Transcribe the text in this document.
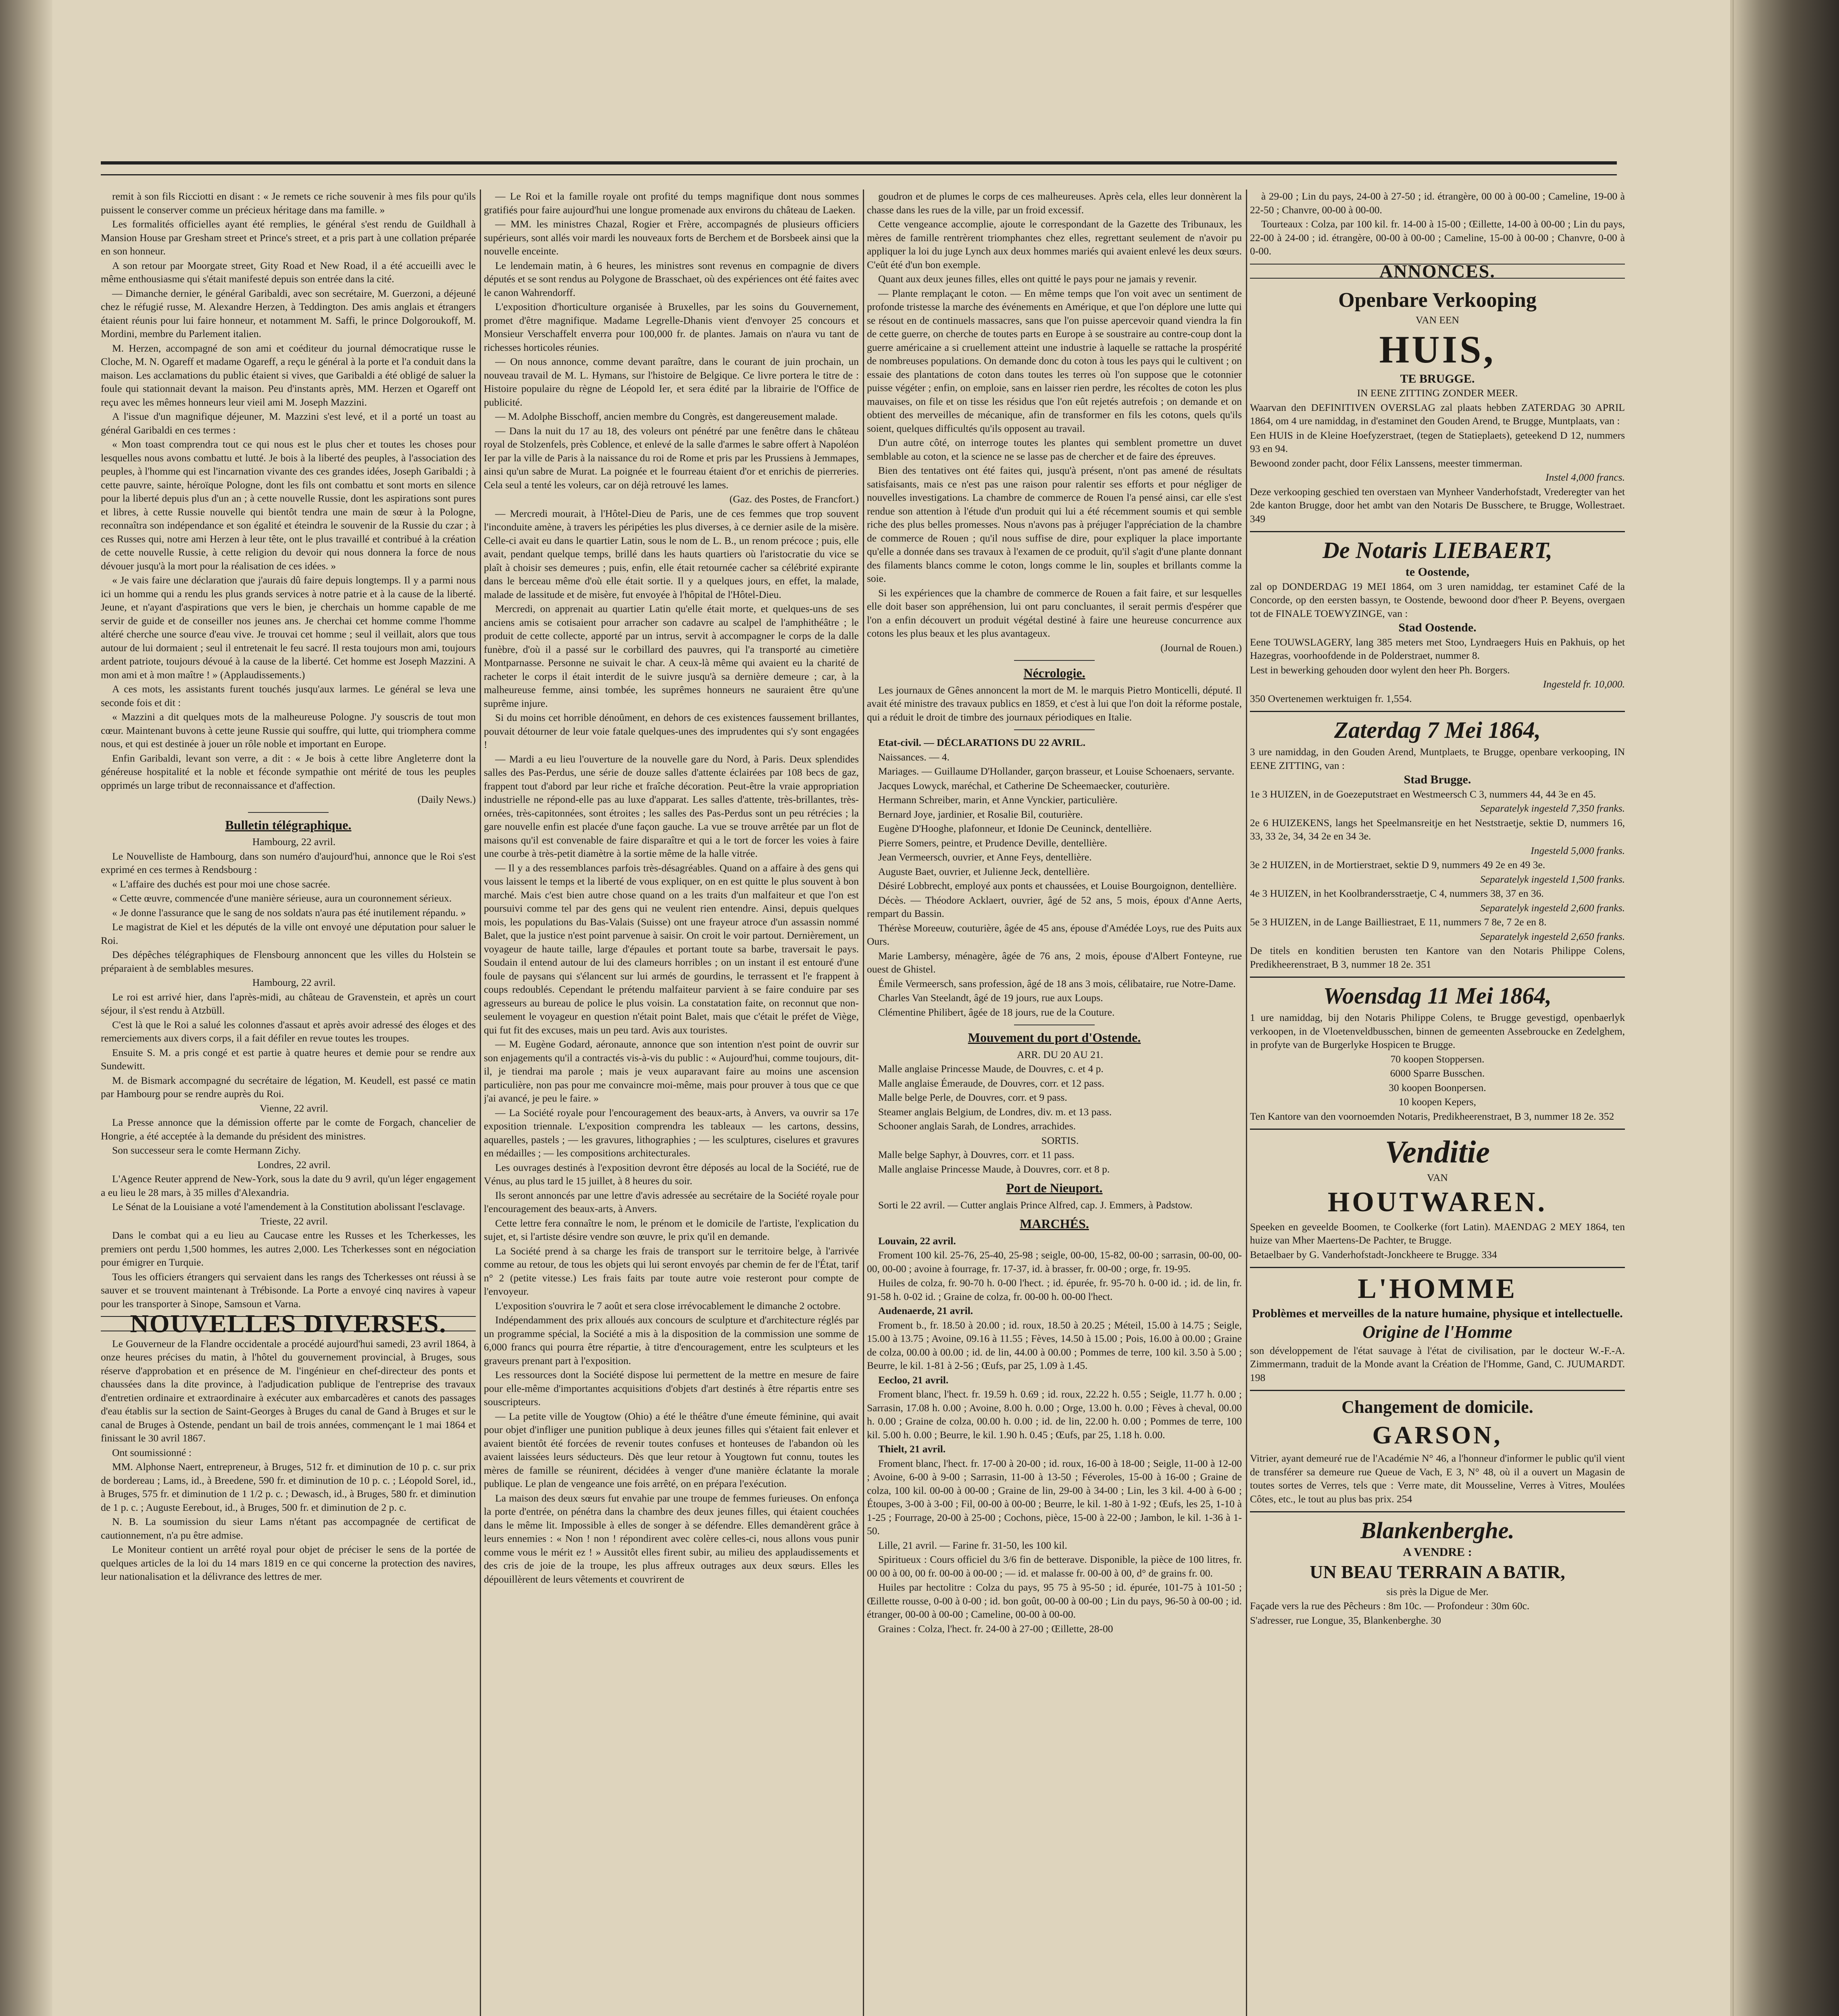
remit à son fils Ricciotti en disant : « Je remets ce riche souvenir à mes fils pour qu'ils puissent le conserver comme un précieux héritage dans ma famille. »

Les formalités officielles ayant été remplies, le général s'est rendu de Guildhall à Mansion House par Gresham street et Prince's street, et a pris part à une collation préparée en son honneur.

A son retour par Moorgate street, Gity Road et New Road, il a été accueilli avec le même enthousiasme qui s'était manifesté depuis son entrée dans la cité.

— Dimanche dernier, le général Garibaldi, avec son secrétaire, M. Guerzoni, a déjeuné chez le réfugié russe, M. Alexandre Herzen, à Teddington. Des amis anglais et étrangers étaient réunis pour lui faire honneur, et notamment M. Saffi, le prince Dolgoroukoff, M. Mordini, membre du Parlement italien.

M. Herzen, accompagné de son ami et coéditeur du journal démocratique russe le Cloche, M. N. Ogareff et madame Ogareff, a reçu le général à la porte et l'a conduit dans la maison. Les acclamations du public étaient si vives, que Garibaldi a été obligé de saluer la foule qui stationnait devant la maison. Peu d'instants après, MM. Herzen et Ogareff ont reçu avec les mêmes honneurs leur vieil ami M. Joseph Mazzini.

A l'issue d'un magnifique déjeuner, M. Mazzini s'est levé, et il a porté un toast au général Garibaldi en ces termes :

« Mon toast comprendra tout ce qui nous est le plus cher et toutes les choses pour lesquelles nous avons combattu et lutté. Je bois à la liberté des peuples, à l'association des peuples, à l'homme qui est l'incarnation vivante des ces grandes idées, Joseph Garibaldi ; à cette pauvre, sainte, héroïque Pologne, dont les fils ont combattu et sont morts en silence pour la liberté depuis plus d'un an ; à cette nouvelle Russie, dont les aspirations sont pures et libres, à cette Russie nouvelle qui bientôt tendra une main de sœur à la Pologne, reconnaîtra son indépendance et son égalité et éteindra le souvenir de la Russie du czar ; à ces Russes qui, notre ami Herzen à leur tête, ont le plus travaillé et contribué à la création de cette nouvelle Russie, à cette religion du devoir qui nous donnera la force de nous dévouer jusqu'à la mort pour la réalisation de ces idées. »

« Je vais faire une déclaration que j'aurais dû faire depuis longtemps. Il y a parmi nous ici un homme qui a rendu les plus grands services à notre patrie et à la cause de la liberté. Jeune, et n'ayant d'aspirations que vers le bien, je cherchais un homme capable de me servir de guide et de conseiller nos jeunes ans. Je cherchai cet homme comme l'homme altéré cherche une source d'eau vive. Je trouvai cet homme ; seul il veillait, alors que tous autour de lui dormaient ; seul il entretenait le feu sacré. Il resta toujours mon ami, toujours ardent patriote, toujours dévoué à la cause de la liberté. Cet homme est Joseph Mazzini. A mon ami et à mon maître ! » (Applaudissements.)

A ces mots, les assistants furent touchés jusqu'aux larmes. Le général se leva une seconde fois et dit :

« Mazzini a dit quelques mots de la malheureuse Pologne. J'y souscris de tout mon cœur. Maintenant buvons à cette jeune Russie qui souffre, qui lutte, qui triomphera comme nous, et qui est destinée à jouer un rôle noble et important en Europe.

Enfin Garibaldi, levant son verre, a dit : « Je bois à cette libre Angleterre dont la généreuse hospitalité et la noble et féconde sympathie ont mérité de tous les peuples opprimés un large tribut de reconnaissance et d'affection.

(Daily News.)

Bulletin télégraphique.

Hambourg, 22 avril.

Le Nouvelliste de Hambourg, dans son numéro d'aujourd'hui, annonce que le Roi s'est exprimé en ces termes à Rendsbourg :

« L'affaire des duchés est pour moi une chose sacrée.

« Cette œuvre, commencée d'une manière sérieuse, aura un couronnement sérieux.

« Je donne l'assurance que le sang de nos soldats n'aura pas été inutilement répandu. »

Le magistrat de Kiel et les députés de la ville ont envoyé une députation pour saluer le Roi.

Des dépêches télégraphiques de Flensbourg annoncent que les villes du Holstein se préparaient à de semblables mesures.

Hambourg, 22 avril.

Le roi est arrivé hier, dans l'après-midi, au château de Gravenstein, et après un court séjour, il s'est rendu à Atzbüll.

C'est là que le Roi a salué les colonnes d'assaut et après avoir adressé des éloges et des remerciements aux divers corps, il a fait défiler en revue toutes les troupes.

Ensuite S. M. a pris congé et est partie à quatre heures et demie pour se rendre aux Sundewitt.

M. de Bismark accompagné du secrétaire de légation, M. Keudell, est passé ce matin par Hambourg pour se rendre auprès du Roi.

Vienne, 22 avril.

La Presse annonce que la démission offerte par le comte de Forgach, chancelier de Hongrie, a été acceptée à la demande du président des ministres.

Son successeur sera le comte Hermann Zichy.

Londres, 22 avril.

L'Agence Reuter apprend de New-York, sous la date du 9 avril, qu'un léger engagement a eu lieu le 28 mars, à 35 milles d'Alexandria.

Le Sénat de la Louisiane a voté l'amendement à la Constitution abolissant l'esclavage.

Trieste, 22 avril.

Dans le combat qui a eu lieu au Caucase entre les Russes et les Tcherkesses, les premiers ont perdu 1,500 hommes, les autres 2,000. Les Tcherkesses sont en négociation pour émigrer en Turquie.

Tous les officiers étrangers qui servaient dans les rangs des Tcherkesses ont réussi à se sauver et se trouvent maintenant à Trébisonde. La Porte a envoyé cinq navires à vapeur pour les transporter à Sinope, Samsoun et Varna.

NOUVELLES DIVERSES.

Le Gouverneur de la Flandre occidentale a procédé aujourd'hui samedi, 23 avril 1864, à onze heures précises du matin, à l'hôtel du gouvernement provincial, à Bruges, sous réserve d'approbation et en présence de M. l'ingénieur en chef-directeur des ponts et chaussées dans la dite province, à l'adjudication publique de l'entreprise des travaux d'entretien ordinaire et extraordinaire à exécuter aux embarcadères et canots des passages d'eau établis sur la section de Saint-Georges à Bruges du canal de Gand à Bruges et sur le canal de Bruges à Ostende, pendant un bail de trois années, commençant le 1 mai 1864 et finissant le 30 avril 1867.

Ont soumissionné :

MM. Alphonse Naert, entrepreneur, à Bruges, 512 fr. et diminution de 10 p. c. sur prix de bordereau ; Lams, id., à Breedene, 590 fr. et diminution de 10 p. c. ; Léopold Sorel, id., à Bruges, 575 fr. et diminution de 1 1/2 p. c. ; Dewasch, id., à Bruges, 580 fr. et diminution de 1 p. c. ; Auguste Eerebout, id., à Bruges, 500 fr. et diminution de 2 p. c.

N. B. La soumission du sieur Lams n'étant pas accompagnée de certificat de cautionnement, n'a pu être admise.

Le Moniteur contient un arrêté royal pour objet de préciser le sens de la portée de quelques articles de la loi du 14 mars 1819 en ce qui concerne la protection des navires, leur nationalisation et la délivrance des lettres de mer.

— Le Roi et la famille royale ont profité du temps magnifique dont nous sommes gratifiés pour faire aujourd'hui une longue promenade aux environs du château de Laeken.

— MM. les ministres Chazal, Rogier et Frère, accompagnés de plusieurs officiers supérieurs, sont allés voir mardi les nouveaux forts de Berchem et de Borsbeek ainsi que la nouvelle enceinte.

Le lendemain matin, à 6 heures, les ministres sont revenus en compagnie de divers députés et se sont rendus au Polygone de Brasschaet, où des expériences ont été faites avec le canon Wahrendorff.

L'exposition d'horticulture organisée à Bruxelles, par les soins du Gouvernement, promet d'être magnifique. Madame Legrelle-Dhanis vient d'envoyer 25 concours et Monsieur Verschaffelt enverra pour 100,000 fr. de plantes. Jamais on n'aura vu tant de richesses horticoles réunies.

— On nous annonce, comme devant paraître, dans le courant de juin prochain, un nouveau travail de M. L. Hymans, sur l'histoire de Belgique. Ce livre portera le titre de : Histoire populaire du règne de Léopold Ier, et sera édité par la librairie de l'Office de publicité.

— M. Adolphe Bisschoff, ancien membre du Congrès, est dangereusement malade.

— Dans la nuit du 17 au 18, des voleurs ont pénétré par une fenêtre dans le château royal de Stolzenfels, près Coblence, et enlevé de la salle d'armes le sabre offert à Napoléon Ier par la ville de Paris à la naissance du roi de Rome et pris par les Prussiens à Jemmapes, ainsi qu'un sabre de Murat. La poignée et le fourreau étaient d'or et enrichis de pierreries. Cela seul a tenté les voleurs, car on déjà retrouvé les lames.

(Gaz. des Postes, de Francfort.)

— Mercredi mourait, à l'Hôtel-Dieu de Paris, une de ces femmes que trop souvent l'inconduite amène, à travers les péripéties les plus diverses, à ce dernier asile de la misère. Celle-ci avait eu dans le quartier Latin, sous le nom de L. B., un renom précoce ; puis, elle avait, pendant quelque temps, brillé dans les hauts quartiers où l'aristocratie du vice se plaît à choisir ses demeures ; puis, enfin, elle était retournée cacher sa célébrité expirante dans le berceau même d'où elle était sortie. Il y a quelques jours, en effet, la malade, malade de lassitude et de misère, fut envoyée à l'hôpital de l'Hôtel-Dieu.

Mercredi, on apprenait au quartier Latin qu'elle était morte, et quelques-uns de ses anciens amis se cotisaient pour arracher son cadavre au scalpel de l'amphithéâtre ; le produit de cette collecte, apporté par un intrus, servit à accompagner le corps de la dalle funèbre, d'où il a passé sur le corbillard des pauvres, qui l'a transporté au cimetière Montparnasse. Personne ne suivait le char. A ceux-là même qui avaient eu la charité de racheter le corps il était interdit de le suivre jusqu'à sa dernière demeure ; car, à la malheureuse femme, ainsi tombée, les suprêmes honneurs ne sauraient être qu'une suprême injure.

Si du moins cet horrible dénoûment, en dehors de ces existences faussement brillantes, pouvait détourner de leur voie fatale quelques-unes des imprudentes qui s'y sont engagées !

— Mardi a eu lieu l'ouverture de la nouvelle gare du Nord, à Paris. Deux splendides salles des Pas-Perdus, une série de douze salles d'attente éclairées par 108 becs de gaz, frappent tout d'abord par leur riche et fraîche décoration. Peut-être la vraie appropriation industrielle ne répond-elle pas au luxe d'apparat. Les salles d'attente, très-brillantes, très-ornées, très-capitonnées, sont étroites ; les salles des Pas-Perdus sont un peu rétrécies ; la gare nouvelle enfin est placée d'une façon gauche. La vue se trouve arrêtée par un flot de maisons qu'il est convenable de faire disparaître et qui a le tort de forcer les voies à faire une courbe à très-petit diamètre à la sortie même de la halle vitrée.

— Il y a des ressemblances parfois très-désagréables. Quand on a affaire à des gens qui vous laissent le temps et la liberté de vous expliquer, on en est quitte le plus souvent à bon marché. Mais c'est bien autre chose quand on a les traits d'un malfaiteur et que l'on est poursuivi comme tel par des gens qui ne veulent rien entendre. Ainsi, depuis quelques mois, les populations du Bas-Valais (Suisse) ont une frayeur atroce d'un assassin nommé Balet, que la justice n'est point parvenue à saisir. On croit le voir partout. Dernièrement, un voyageur de haute taille, large d'épaules et portant toute sa barbe, traversait le pays. Soudain il entend autour de lui des clameurs horribles ; on un instant il est entouré d'une foule de paysans qui s'élancent sur lui armés de gourdins, le terrassent et l'e frappent à coups redoublés. Cependant le prétendu malfaiteur parvient à se faire conduire par ses agresseurs au bureau de police le plus voisin. La constatation faite, on reconnut que non-seulement le voyageur en question n'était point Balet, mais que c'était le préfet de Viège, qui fut fit des excuses, mais un peu tard. Avis aux touristes.

— M. Eugène Godard, aéronaute, annonce que son intention n'est point de ouvrir sur son enjagements qu'il a contractés vis-à-vis du public : « Aujourd'hui, comme toujours, dit-il, je tiendrai ma parole ; mais je veux auparavant faire au moins une ascension particulière, non pas pour me convaincre moi-même, mais pour prouver à tous que ce que j'ai avancé, je peu le faire. »

— La Société royale pour l'encouragement des beaux-arts, à Anvers, va ouvrir sa 17e exposition triennale. L'exposition comprendra les tableaux — les cartons, dessins, aquarelles, pastels ; — les gravures, lithographies ; — les sculptures, ciselures et gravures en médailles ; — les compositions architecturales.

Les ouvrages destinés à l'exposition devront être déposés au local de la Société, rue de Vénus, au plus tard le 15 juillet, à 8 heures du soir.

Ils seront annoncés par une lettre d'avis adressée au secrétaire de la Société royale pour l'encouragement des beaux-arts, à Anvers.

Cette lettre fera connaître le nom, le prénom et le domicile de l'artiste, l'explication du sujet, et, si l'artiste désire vendre son œuvre, le prix qu'il en demande.

La Société prend à sa charge les frais de transport sur le territoire belge, à l'arrivée comme au retour, de tous les objets qui lui seront envoyés par chemin de fer de l'État, tarif n° 2 (petite vitesse.) Les frais faits par toute autre voie resteront pour compte de l'envoyeur.

L'exposition s'ouvrira le 7 août et sera close irrévocablement le dimanche 2 octobre.

Indépendamment des prix alloués aux concours de sculpture et d'architecture réglés par un programme spécial, la Société a mis à la disposition de la commission une somme de 6,000 francs qui pourra être répartie, à titre d'encouragement, entre les sculpteurs et les graveurs prenant part à l'exposition.

Les ressources dont la Société dispose lui permettent de la mettre en mesure de faire pour elle-même d'importantes acquisitions d'objets d'art destinés à être répartis entre ses souscripteurs.

— La petite ville de Yougtow (Ohio) a été le théâtre d'une émeute féminine, qui avait pour objet d'infliger une punition publique à deux jeunes filles qui s'étaient fait enlever et avaient bientôt été forcées de revenir toutes confuses et honteuses de l'abandon où les avaient laissées leurs séducteurs. Dès que leur retour à Yougtown fut connu, toutes les mères de famille se réunirent, décidées à venger d'une manière éclatante la morale publique. Le plan de vengeance une fois arrêté, on en prépara l'exécution.

La maison des deux sœurs fut envahie par une troupe de femmes furieuses. On enfonça la porte d'entrée, on pénétra dans la chambre des deux jeunes filles, qui étaient couchées dans le même lit. Impossible à elles de songer à se défendre. Elles demandèrent grâce à leurs ennemies : « Non ! non ! répondirent avec colère celles-ci, nous allons vous punir comme vous le mérit ez ! » Aussitôt elles firent subir, au milieu des applaudissements et des cris de joie de la troupe, les plus affreux outrages aux deux sœurs. Elles les dépouillèrent de leurs vêtements et couvrirent de

goudron et de plumes le corps de ces malheureuses. Après cela, elles leur donnèrent la chasse dans les rues de la ville, par un froid excessif.

Cette vengeance accomplie, ajoute le correspondant de la Gazette des Tribunaux, les mères de famille rentrèrent triomphantes chez elles, regrettant seulement de n'avoir pu appliquer la loi du juge Lynch aux deux hommes mariés qui avaient enlevé les deux sœurs. C'eût été d'un bon exemple.

Quant aux deux jeunes filles, elles ont quitté le pays pour ne jamais y revenir.

— Plante remplaçant le coton. — En même temps que l'on voit avec un sentiment de profonde tristesse la marche des événements en Amérique, et que l'on déplore une lutte qui se résout en de continuels massacres, sans que l'on puisse apercevoir quand viendra la fin de cette guerre, on cherche de toutes parts en Europe à se soustraire au contre-coup dont la guerre américaine a si cruellement atteint une industrie à laquelle se rattache la prospérité de nombreuses populations. On demande donc du coton à tous les pays qui le cultivent ; on essaie des plantations de coton dans toutes les terres où l'on suppose que le cotonnier puisse végéter ; enfin, on emploie, sans en laisser rien perdre, les récoltes de coton les plus mauvaises, on file et on tisse les résidus que l'on eût rejetés autrefois ; on demande et on obtient des merveilles de mécanique, afin de transformer en fils les cotons, quels qu'ils soient, quelques difficultés qu'ils opposent au travail.

D'un autre côté, on interroge toutes les plantes qui semblent promettre un duvet semblable au coton, et la science ne se lasse pas de chercher et de faire des épreuves.

Bien des tentatives ont été faites qui, jusqu'à présent, n'ont pas amené de résultats satisfaisants, mais ce n'est pas une raison pour ralentir ses efforts et pour négliger de nouvelles investigations. La chambre de commerce de Rouen l'a pensé ainsi, car elle s'est rendue son attention à l'étude d'un produit qui lui a été récemment soumis et qui semble riche des plus belles promesses. Nous n'avons pas à préjuger l'appréciation de la chambre de commerce de Rouen ; qu'il nous suffise de dire, pour expliquer la place importante qu'elle a donnée dans ses travaux à l'examen de ce produit, qu'il s'agit d'une plante donnant des filaments blancs comme le coton, longs comme le lin, souples et brillants comme la soie.

Si les expériences que la chambre de commerce de Rouen a fait faire, et sur lesquelles elle doit baser son appréhension, lui ont paru concluantes, il serait permis d'espérer que l'on a enfin découvert un produit végétal destiné à faire une heureuse concurrence aux cotons les plus beaux et les plus avantageux.

(Journal de Rouen.)

Nécrologie.

Les journaux de Gênes annoncent la mort de M. le marquis Pietro Monticelli, député. Il avait été ministre des travaux publics en 1859, et c'est à lui que l'on doit la réforme postale, qui a réduit le droit de timbre des journaux périodiques en Italie.

Etat-civil. — DÉCLARATIONS DU 22 AVRIL.

Naissances. — 4.

Mariages. — Guillaume D'Hollander, garçon brasseur, et Louise Schoenaers, servante.

Jacques Lowyck, maréchal, et Catherine De Scheemaecker, couturière.

Hermann Schreiber, marin, et Anne Vynckier, particulière.

Bernard Joye, jardinier, et Rosalie Bil, couturière.

Eugène D'Hooghe, plafonneur, et Idonie De Ceuninck, dentellière.

Pierre Somers, peintre, et Prudence Deville, dentellière.

Jean Vermeersch, ouvrier, et Anne Feys, dentellière.

Auguste Baet, ouvrier, et Julienne Jeck, dentellière.

Désiré Lobbrecht, employé aux ponts et chaussées, et Louise Bourgoignon, dentellière.

Décès. — Théodore Acklaert, ouvrier, âgé de 52 ans, 5 mois, époux d'Anne Aerts, rempart du Bassin.

Thérèse Moreeuw, couturière, âgée de 45 ans, épouse d'Amédée Loys, rue des Puits aux Ours.

Marie Lambersy, ménagère, âgée de 76 ans, 2 mois, épouse d'Albert Fonteyne, rue ouest de Ghistel.

Émile Vermeersch, sans profession, âgé de 18 ans 3 mois, célibataire, rue Notre-Dame.

Charles Van Steelandt, âgé de 19 jours, rue aux Loups.

Clémentine Philibert, âgée de 18 jours, rue de la Couture.

Mouvement du port d'Ostende.

ARR. DU 20 AU 21.

Malle anglaise Princesse Maude, de Douvres, c. et 4 p.

Malle anglaise Émeraude, de Douvres, corr. et 12 pass.

Malle belge Perle, de Douvres, corr. et 9 pass.

Steamer anglais Belgium, de Londres, div. m. et 13 pass.

Schooner anglais Sarah, de Londres, arrachides.

SORTIS.

Malle belge Saphyr, à Douvres, corr. et 11 pass.

Malle anglaise Princesse Maude, à Douvres, corr. et 8 p.

Port de Nieuport.

Sorti le 22 avril. — Cutter anglais Prince Alfred, cap. J. Emmers, à Padstow.

MARCHÉS.

Louvain, 22 avril.

Froment 100 kil. 25-76, 25-40, 25-98 ; seigle, 00-00, 15-82, 00-00 ; sarrasin, 00-00, 00-00, 00-00 ; avoine à fourrage, fr. 17-37, id. à brasser, fr. 00-00 ; orge, fr. 19-95.

Huiles de colza, fr. 90-70 h. 0-00 l'hect. ; id. épurée, fr. 95-70 h. 0-00 id. ; id. de lin, fr. 91-58 h. 0-02 id. ; Graine de colza, fr. 00-00 h. 00-00 l'hect.

Audenaerde, 21 avril.

Froment b., fr. 18.50 à 20.00 ; id. roux, 18.50 à 20.25 ; Méteil, 15.00 à 14.75 ; Seigle, 15.00 à 13.75 ; Avoine, 09.16 à 11.55 ; Fèves, 14.50 à 15.00 ; Pois, 16.00 à 00.00 ; Graine de colza, 00.00 à 00.00 ; id. de lin, 44.00 à 00.00 ; Pommes de terre, 100 kil. 3.50 à 5.00 ; Beurre, le kil. 1-81 à 2-56 ; Œufs, par 25, 1.09 à 1.45.

Eecloo, 21 avril.

Froment blanc, l'hect. fr. 19.59 h. 0.69 ; id. roux, 22.22 h. 0.55 ; Seigle, 11.77 h. 0.00 ; Sarrasin, 17.08 h. 0.00 ; Avoine, 8.00 h. 0.00 ; Orge, 13.00 h. 0.00 ; Fèves à cheval, 00.00 h. 0.00 ; Graine de colza, 00.00 h. 0.00 ; id. de lin, 22.00 h. 0.00 ; Pommes de terre, 100 kil. 5.00 h. 0.00 ; Beurre, le kil. 1.90 h. 0.45 ; Œufs, par 25, 1.18 h. 0.00.

Thielt, 21 avril.

Froment blanc, l'hect. fr. 17-00 à 20-00 ; id. roux, 16-00 à 18-00 ; Seigle, 11-00 à 12-00 ; Avoine, 6-00 à 9-00 ; Sarrasin, 11-00 à 13-50 ; Féveroles, 15-00 à 16-00 ; Graine de colza, 100 kil. 00-00 à 00-00 ; Graine de lin, 29-00 à 34-00 ; Lin, les 3 kil. 4-00 à 6-00 ; Étoupes, 3-00 à 3-00 ; Fil, 00-00 à 00-00 ; Beurre, le kil. 1-80 à 1-92 ; Œufs, les 25, 1-10 à 1-25 ; Fourrage, 20-00 à 25-00 ; Cochons, pièce, 15-00 à 22-00 ; Jambon, le kil. 1-36 à 1-50.

Lille, 21 avril. — Farine fr. 31-50, les 100 kil.

Spiritueux : Cours officiel du 3/6 fin de betterave. Disponible, la pièce de 100 litres, fr. 00 00 à 00, 00 fr. 00-00 à 00-00 ; — id. et malasse fr. 00-00 à 00, d° de grains fr. 00.

Huiles par hectolitre : Colza du pays, 95 75 à 95-50 ; id. épurée, 101-75 à 101-50 ; Œillette rousse, 0-00 à 0-00 ; id. bon goût, 00-00 à 00-00 ; Lin du pays, 96-50 à 00-00 ; id. étranger, 00-00 à 00-00 ; Cameline, 00-00 à 00-00.

Graines : Colza, l'hect. fr. 24-00 à 27-00 ; Œillette, 28-00

à 29-00 ; Lin du pays, 24-00 à 27-50 ; id. étrangère, 00 00 à 00-00 ; Cameline, 19-00 à 22-50 ; Chanvre, 00-00 à 00-00.

Tourteaux : Colza, par 100 kil. fr. 14-00 à 15-00 ; Œillette, 14-00 à 00-00 ; Lin du pays, 22-00 à 24-00 ; id. étrangère, 00-00 à 00-00 ; Cameline, 15-00 à 00-00 ; Chanvre, 0-00 à 0-00.

ANNONCES.

Openbare Verkooping

VAN EEN

HUIS,

TE BRUGGE.

IN EENE ZITTING ZONDER MEER.

Waarvan den DEFINITIVEN OVERSLAG zal plaats hebben ZATERDAG 30 APRIL 1864, om 4 ure namiddag, in d'estaminet den Gouden Arend, te Brugge, Muntplaats, van :

Een HUIS in de Kleine Hoefyzerstraet, (tegen de Statieplaets), geteekend D 12, nummers 93 en 94.

Bewoond zonder pacht, door Félix Lanssens, meester timmerman.

Instel 4,000 francs.

Deze verkooping geschied ten overstaen van Mynheer Vanderhofstadt, Vrederegter van het 2de kanton Brugge, door het ambt van den Notaris De Busschere, te Brugge, Wollestraet. 349

De Notaris LIEBAERT,

te Oostende,

zal op DONDERDAG 19 MEI 1864, om 3 uren namiddag, ter estaminet Café de la Concorde, op den eersten bassyn, te Oostende, bewoond door d'heer P. Beyens, overgaen tot de FINALE TOEWYZINGE, van :

Stad Oostende.

Eene TOUWSLAGERY, lang 385 meters met Stoo, Lyndraegers Huis en Pakhuis, op het Hazegras, voorhoofdende in de Polderstraet, nummer 8.

Lest in bewerking gehouden door wylent den heer Ph. Borgers.

Ingesteld fr. 10,000.

350 Overtenemen werktuigen fr. 1,554.

Zaterdag 7 Mei 1864,

3 ure namiddag, in den Gouden Arend, Muntplaets, te Brugge, openbare verkooping, IN EENE ZITTING, van :

Stad Brugge.

1e 3 HUIZEN, in de Goezeputstraet en Westmeersch C 3, nummers 44, 44 3e en 45.

Separatelyk ingesteld 7,350 franks.

2e 6 HUIZEKENS, langs het Speelmansreitje en het Neststraetje, sektie D, nummers 16, 33, 33 2e, 34, 34 2e en 34 3e.

Ingesteld 5,000 franks.

3e 2 HUIZEN, in de Mortierstraet, sektie D 9, nummers 49 2e en 49 3e.

Separatelyk ingesteld 1,500 franks.

4e 3 HUIZEN, in het Koolbrandersstraetje, C 4, nummers 38, 37 en 36.

Separatelyk ingesteld 2,600 franks.

5e 3 HUIZEN, in de Lange Bailliestraet, E 11, nummers 7 8e, 7 2e en 8.

Separatelyk ingesteld 2,650 franks.

De titels en konditien berusten ten Kantore van den Notaris Philippe Colens, Predikheerenstraet, B 3, nummer 18 2e. 351

Woensdag 11 Mei 1864,

1 ure namiddag, bij den Notaris Philippe Colens, te Brugge gevestigd, openbaerlyk verkoopen, in de Vloetenveldbusschen, binnen de gemeenten Assebroucke en Zedelghem, in profyte van de Burgerlyke Hospicen te Brugge.

70 koopen Stoppersen.

6000 Sparre Busschen.

30 koopen Boonpersen.

10 koopen Kepers,

Ten Kantore van den voornoemden Notaris, Predikheerenstraet, B 3, nummer 18 2e. 352

Venditie

VAN

HOUTWAREN.

Speeken en geveelde Boomen, te Coolkerke (fort Latin). MAENDAG 2 MEY 1864, ten huize van Mher Maertens-De Pachter, te Brugge.

Betaelbaer by G. Vanderhofstadt-Jonckheere te Brugge. 334

L'HOMME

Problèmes et merveilles de la nature humaine, physique et intellectuelle.

Origine de l'Homme

son développement de l'état sauvage à l'état de civilisation, par le docteur W.-F.-A. Zimmermann, traduit de la Monde avant la Création de l'Homme, Gand, C. JUUMARDT. 198

Changement de domicile.

GARSON,

Vitrier, ayant demeuré rue de l'Académie N° 46, a l'honneur d'informer le public qu'il vient de transférer sa demeure rue Queue de Vach, E 3, N° 48, où il a ouvert un Magasin de toutes sortes de Verres, tels que : Verre mate, dit Mousseline, Verres à Vitres, Moulées Côtes, etc., le tout au plus bas prix. 254

Blankenberghe.

A VENDRE :

UN BEAU TERRAIN A BATIR,

sis près la Digue de Mer.

Façade vers la rue des Pêcheurs : 8m 10c. — Profondeur : 30m 60c.

S'adresser, rue Longue, 35, Blankenberghe. 30
